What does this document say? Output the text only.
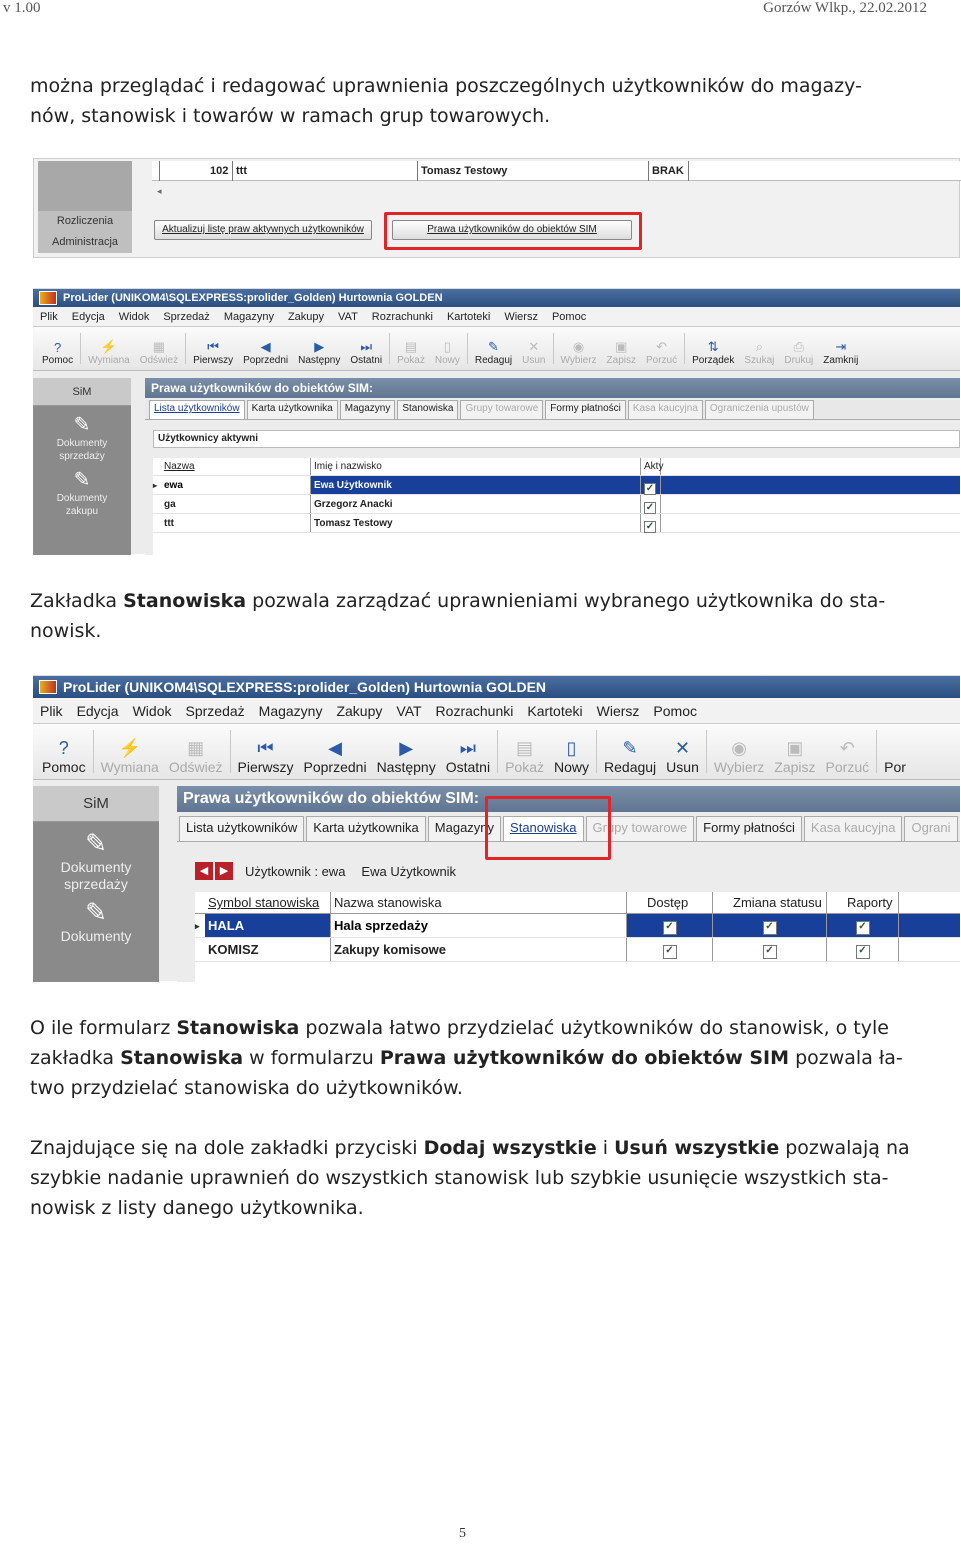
v 1.00	Gorzów Wlkp., 22.02.2012
można przeglądać i redagować uprawnienia poszczególnych użytkowników do magazy-
nów, stanowisk i towarów w ramach grup towarowych.
Rozliczenia
Administracja
102 ttt	Tomasz Testowy	BRAK
◂
Aktualizuj listę praw aktywnych użytkowników	Prawa użytkowników do obiektów SIM
ProLider (UNIKOM4\SQLEXPRESS:prolider_Golden) Hurtownia GOLDEN
Plik	Edycja	Widok	Sprzedaż	Magazyny	Zakupy	VAT	Rozrachunki	Kartoteki	Wiersz	Pomoc
?
Pomoc
⚡
Wymiana
▦
Odśwież
⏮
Pierwszy
◀
Poprzedni
▶
Następny
⏭
Ostatni
▤
Pokaż
▯
Nowy
✎
Redaguj
✕
Usun
◉
Wybierz
▣
Zapisz
↶
Porzuć
⇅
Porządek
⌕
Szukaj
⎙
Drukuj
⇥
Zamknij
SiM
✎
Dokumenty sprzedaży
✎
Dokumenty zakupu
Prawa użytkowników do obiektów SIM:
Lista użytkowników	Karta użytkownika	Magazyny	Stanowiska	Grupy towarowe	Formy płatności	Kasa kaucyjna	Ograniczenia upustów
Użytkownicy aktywni
Nazwa	Imię i nazwisko	Akty
▸ ewa	Ewa Użytkownik	✓
ga	Grzegorz Anacki	✓
ttt	Tomasz Testowy	✓
Zakładka Stanowiska pozwala zarządzać uprawnieniami wybranego użytkownika do sta-
nowisk.
ProLider (UNIKOM4\SQLEXPRESS:prolider_Golden) Hurtownia GOLDEN
Plik	Edycja	Widok	Sprzedaż	Magazyny	Zakupy	VAT	Rozrachunki	Kartoteki	Wiersz	Pomoc
?
Pomoc
⚡
Wymiana
▦
Odśwież
⏮
Pierwszy
◀
Poprzedni
▶
Następny
⏭
Ostatni
▤
Pokaż
▯
Nowy
✎
Redaguj
✕
Usun
◉
Wybierz
▣
Zapisz
↶
Porzuć Por
SiM
✎
Dokumenty sprzedaży
✎
Dokumenty
Prawa użytkowników do obiektów SIM:
Lista użytkowników	Karta użytkownika	Magazyny	Stanowiska	Grupy towarowe	Formy płatności	Kasa kaucyjna	Ograni
◀	▶	Użytkownik : ewa Ewa Użytkownik
Symbol stanowiska	Nazwa stanowiska	Dostęp	Zmiana statusu	Raporty
▸ HALA	Hala sprzedaży	✓	✓	✓
KOMISZ	Zakupy komisowe	✓	✓	✓
O ile formularz Stanowiska pozwala łatwo przydzielać użytkowników do stanowisk, o tyle
zakładka Stanowiska w formularzu Prawa użytkowników do obiektów SIM pozwala ła-
two przydzielać stanowiska do użytkowników.
Znajdujące się na dole zakładki przyciski Dodaj wszystkie i Usuń wszystkie pozwalają na
szybkie nadanie uprawnień do wszystkich stanowisk lub szybkie usunięcie wszystkich sta-
nowisk z listy danego użytkownika.
5
